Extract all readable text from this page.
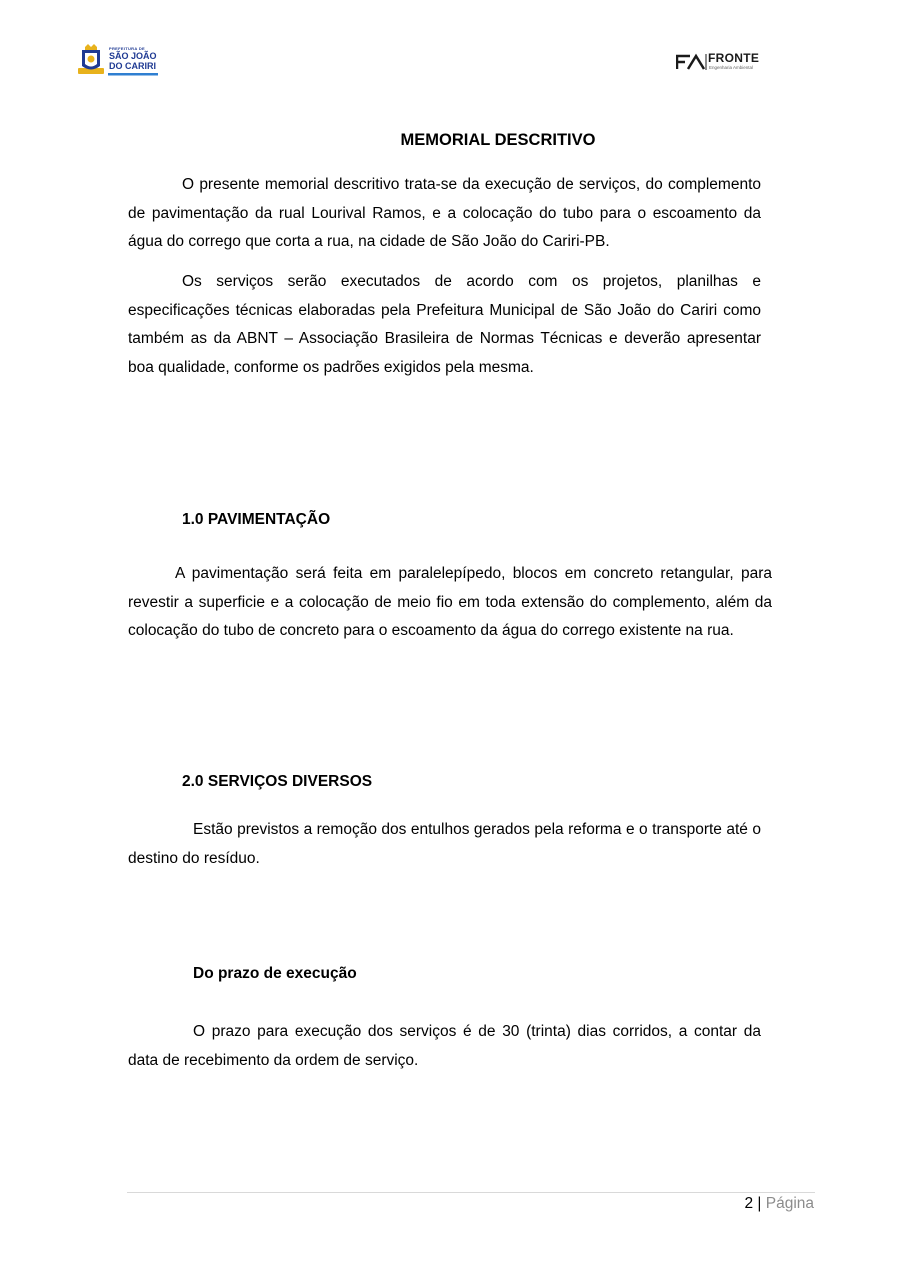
PREFEITURA DE
SÃO JOÃO
DO CARIRI
FRONTE
Engenharia Ambiental
MEMORIAL DESCRITIVO

O presente memorial descritivo trata-se da execução de serviços, do complemento de pavimentação da rual Lourival Ramos, e a colocação do tubo para o escoamento da água do corrego que corta a rua, na cidade de São João do Cariri-PB.

Os serviços serão executados de acordo com os projetos, planilhas e especificações técnicas elaboradas pela Prefeitura Municipal de São João do Cariri como também as da ABNT – Associação Brasileira de Normas Técnicas e deverão apresentar boa qualidade, conforme os padrões exigidos pela mesma.

1.0 PAVIMENTAÇÃO

A pavimentação será feita em paralelepípedo, blocos em concreto retangular, para revestir a superficie e a colocação de meio fio em toda extensão do complemento, além da colocação do tubo de concreto para o escoamento da água do corrego existente na rua.

2.0 SERVIÇOS DIVERSOS

Estão previstos a remoção dos entulhos gerados pela reforma e o transporte até o destino do resíduo.

Do prazo de execução

O prazo para execução dos serviços é de 30 (trinta) dias corridos, a contar da data de recebimento da ordem de serviço.

2 | Página
